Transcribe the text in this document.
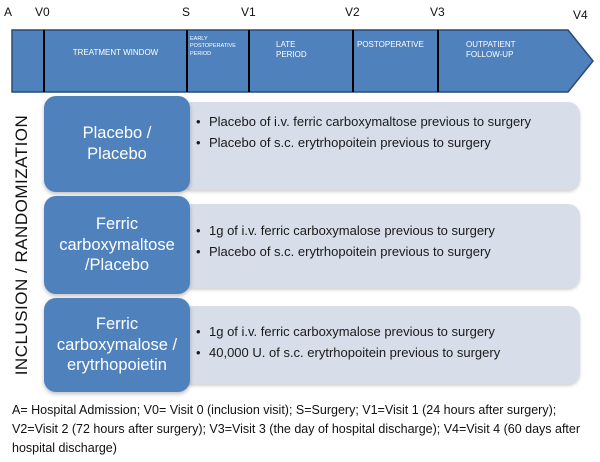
A V0	S	V1	V2	V3	V4
TREATMENT WINDOW
EARLY
POSTOPERATIVE
PERIOD
LATE
PERIOD
POSTOPERATIVE	OUTPATIENT
FOLLOW-UP
INCLUSION / RANDOMIZATION	Placebo /
Placebo
• Placebo of i.v. ferric carboxymaltose previous to surgery
• Placebo of s.c. erytrhopoitein previous to surgery
Ferric
carboxymaltose
/Placebo
• 1g of i.v. ferric carboxymalose previous to surgery
• Placebo of s.c. erytrhopoitein previous to surgery
Ferric
carboxymalose /
erytrhopoietin
• 1g of i.v. ferric carboxymalose previous to surgery
• 40,000 U. of s.c. erytrhopoitein previous to surgery
A= Hospital Admission; V0= Visit 0 (inclusion visit); S=Surgery; V1=Visit 1 (24 hours after surgery); V2=Visit 2 (72 hours after surgery); V3=Visit 3 (the day of hospital discharge); V4=Visit 4 (60 days after hospital discharge)
